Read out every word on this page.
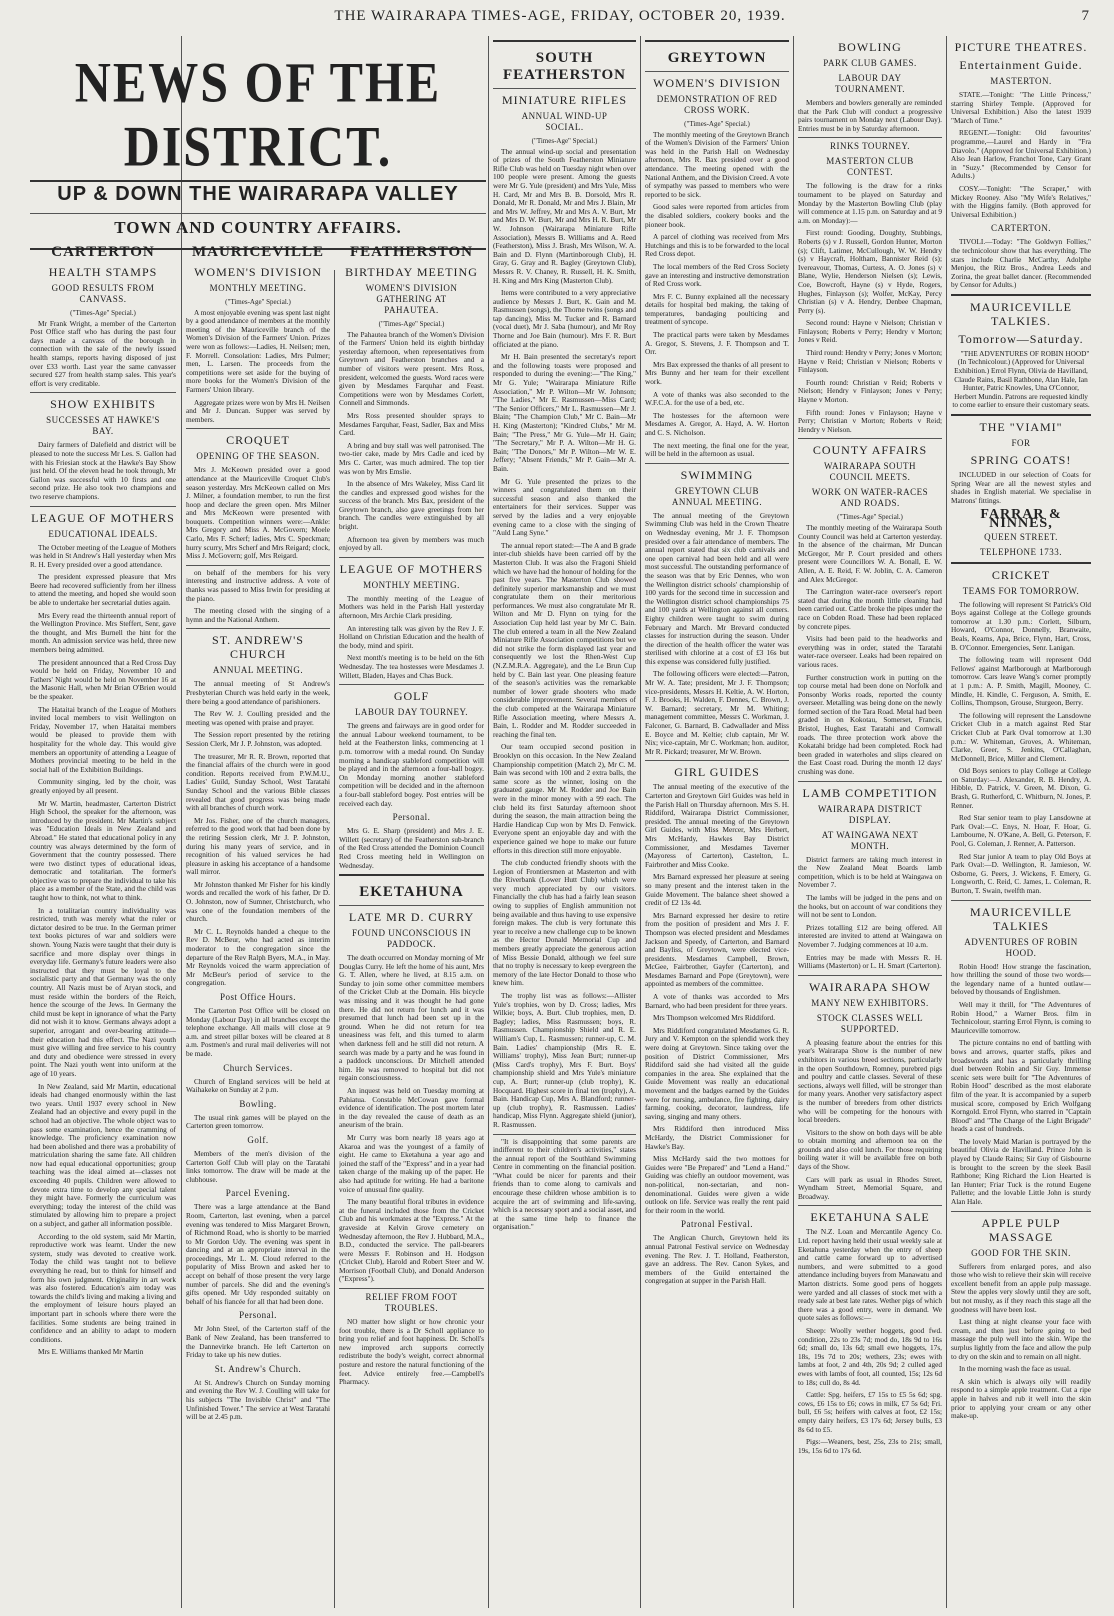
THE WAIRARAPA TIMES-AGE, FRIDAY, OCTOBER 20, 1939.	7
NEWS OF THE DISTRICT.
UP & DOWN THE WAIRARAPA VALLEY
TOWN AND COUNTRY AFFAIRS.
CARTERTON
HEALTH STAMPS
GOOD RESULTS FROM CANVASS.
("Times-Age" Special.)

Mr Frank Wright, a member of the Carterton Post Office staff who has during the past four days made a canvass of the borough in connection with the sale of the newly issued health stamps, reports having disposed of just over £33 worth. Last year the same canvasser secured £27 from health stamp sales. This year's effort is very creditable.

SHOW EXHIBITS
SUCCESSES AT HAWKE'S BAY.

Dairy farmers of Dalefield and district will be pleased to note the success Mr Les. S. Gallon had with his Friesian stock at the Hawke's Bay Show just held. Of the eleven head he took through, Mr Gallon was successful with 10 firsts and one second prize. He also took two champions and two reserve champions.

LEAGUE OF MOTHERS
EDUCATIONAL IDEALS.

The October meeting of the League of Mothers was held in St Andrew's Hall yesterday when Mrs R. H. Every presided over a good attendance.

The president expressed pleasure that Mrs Beere had recovered sufficiently from her illness to attend the meeting, and hoped she would soon be able to undertake her secretarial duties again.

Mrs Every read the thirteenth annual report of the Wellington Province. Mrs Steffert, Senr, gave the thought, and Mrs Burnell the hint for the month. An admission service was held, three new members being admitted.

The president announced that a Red Cross Day would be held on Friday, November 10 and Fathers' Night would be held on November 16 at the Masonic Hall, when Mr Brian O'Brien would be the speaker.

The Hataitai branch of the League of Mothers invited local members to visit Wellington on Friday, November 17, when Hataitai members would be pleased to provide them with hospitality for the whole day. This would give members an opportunity of attending a League of Mothers provincial meeting to be held in the social hall of the Exhibition Buildings.

Community singing, led by the choir, was greatly enjoyed by all present.

Mr W. Martin, headmaster, Carterton District High School, the speaker for the afternoon, was introduced by the president. Mr Martin's subject was "Education Ideals in New Zealand and Abroad." He stated that educational policy in any country was always determined by the form of Government that the country possessed. There were two distinct types of educational ideas, democratic and totalitarian. The former's objective was to prepare the individual to take his place as a member of the State, and the child was taught how to think, not what to think.

In a totalitarian country individuality was restricted, truth was merely what the ruler or dictator desired to be true. In the German primer text books pictures of war and soldiers were shown. Young Nazis were taught that their duty is sacrifice and more display over things in everyday life. Germany's future leaders were also instructed that they must be loyal to the socialistic party and that Germany was the only country. All Nazis must be of Aryan stock, and must reside within the borders of the Reich, hence the scourge of the Jews. In Germany the child must be kept in ignorance of what the Party did not wish it to know. Germans always adopt a superior, arrogant and over-bearing attitude—their education had this effect. The Nazi youth must give willing and free service to his country and duty and obedience were stressed in every point. The Nazi youth went into uniform at the age of 10 years.

In New Zealand, said Mr Martin, educational ideals had changed enormously within the last two years. Until 1937 every school in New Zealand had an objective and every pupil in the school had an objective. The whole object was to pass some examination, hence the cramming of knowledge. The proficiency examination now had been abolished and there was a probability of matriculation sharing the same fate. All children now had equal educational opportunities; group teaching was the ideal aimed at—classes not exceeding 40 pupils. Children were allowed to devote extra time to develop any special talent they might have. Formerly the curriculum was everything; today the interest of the child was stimulated by allowing him to prepare a project on a subject, and gather all information possible.

According to the old system, said Mr Martin, reproductive work was learnt. Under the new system, study was devoted to creative work. Today the child was taught not to believe everything he read, but to think for himself and form his own judgment. Originality in art work was also fostered. Education's aim today was towards the child's living and making a living and the employment of leisure hours played an important part in schools where there were the facilities. Some students are being trained in confidence and an ability to adapt to modern conditions.

Mrs E. Williams thanked Mr Martin

MAURICEVILLE
WOMEN'S DIVISION
MONTHLY MEETING.
("Times-Age" Special.)

A most enjoyable evening was spent last night by a good attendance of members at the monthly meeting of the Mauriceville branch of the Women's Division of the Farmers' Union. Prizes were won as follows:—Ladies, H. Neilsen; men, F. Morrell. Consolation: Ladies, Mrs Pulmer; men, L. Larsen. The proceeds from the competitions were set aside for the buying of more books for the Women's Division of the Farmers' Union library.

Aggregate prizes were won by Mrs H. Neilsen and Mr J. Duncan. Supper was served by members.

CROQUET
OPENING OF THE SEASON.

Mrs J. McKeown presided over a good attendance at the Mauriceville Croquet Club's season yesterday. Mrs McKeown called on Mrs J. Milner, a foundation member, to run the first hoop and declare the green open. Mrs Milner and Mrs McKeown were presented with bouquets. Competition winners were:—Ankle: Mrs Gregory and Miss A. McGovern; Moele Carlo, Mrs F. Scherf; ladies, Mrs C. Speckman; hurry scurry, Mrs Scherf and Mrs Reigard; clock, Miss J. McGovern; golf, Mrs Reigard.

on behalf of the members for his very interesting and instructive address. A vote of thanks was passed to Miss Irwin for presiding at the piano.

The meeting closed with the singing of a hymn and the National Anthem.

ST. ANDREW'S CHURCH
ANNUAL MEETING.

The annual meeting of St Andrew's Presbyterian Church was held early in the week, there being a good attendance of parishioners.

The Rev W. J. Coulling presided and the meeting was opened with praise and prayer.

The Session report presented by the retiring Session Clerk, Mr J. P. Johnston, was adopted.

The treasurer, Mr R. R. Brown, reported that the financial affairs of the church were in good condition. Reports received from P.W.M.U., Ladies' Guild, Sunday School, West Taratahi Sunday School and the various Bible classes revealed that good progress was being made with all branches of church work.

Mr Jos. Fisher, one of the church managers, referred to the good work that had been done by the retiring Session clerk, Mr J. P. Johnston, during his many years of service, and in recognition of his valued services he had pleasure in asking his acceptance of a handsome wall mirror.

Mr Johnston thanked Mr Fisher for his kindly words and recalled the work of his father, Dr D. O. Johnston, now of Sumner, Christchurch, who was one of the foundation members of the church.

Mr C. L. Reynolds handed a cheque to the Rev D. McBeur, who had acted as interim moderator to the congregation since the departure of the Rev Ralph Byers, M.A., in May. Mr Reynolds voiced the warm appreciation of Mr McBeur's period of service to the congregation.

Post Office Hours.

The Carterton Post Office will be closed on Monday (Labour Day) in all branches except the telephone exchange. All mails will close at 9 a.m. and street pillar boxes will be cleared at 8 a.m. Postmen's and rural mail deliveries will not be made.

Church Services.

Church of England services will be held at Waihakeke on Sunday at 2 p.m.

Bowling.

The usual rink games will be played on the Carterton green tomorrow.

Golf.

Members of the men's division of the Carterton Golf Club will play on the Taratahi links tomorrow. The draw will be made at the clubhouse.

Parcel Evening.

There was a large attendance at the Band Room, Carterton, last evening, when a parcel evening was tendered to Miss Margaret Brown, of Richmond Road, who is shortly to be married to Mr Gordon Udy. The evening was spent in dancing and at an appropriate interval in the proceedings, Mr L. M. Cloud referred to the popularity of Miss Brown and asked her to accept on behalf of those present the very large number of parcels. She did and the evening's gifts opened. Mr Udy responded suitably on behalf of his fiancée for all that had been done.

Personal.

Mr John Steel, of the Carterton staff of the Bank of New Zealand, has been transferred to the Dannevirke branch. He left Carterton on Friday to take up his new duties.

St. Andrew's Church.

At St. Andrew's Church on Sunday morning and evening the Rev W. J. Coulling will take for his subjects "The Invisible Christ" and "The Unfinished Tower." The service at West Taratahi will be at 2.45 p.m.

FEATHERSTON
BIRTHDAY MEETING
WOMEN'S DIVISION GATHERING AT PAHAUTEA.
("Times-Age" Special.)

The Pahautea branch of the Women's Division of the Farmers' Union held its eighth birthday yesterday afternoon, when representatives from Greytown and Featherston branches and a number of visitors were present. Mrs Ross, president, welcomed the guests. Word races were given by Mesdames Farquhar and Feast. Competitions were won by Mesdames Corlett, Connell and Simmonds.

Mrs Ross presented shoulder sprays to Mesdames Farquhar, Feast, Sadler, Bax and Miss Card.

A bring and buy stall was well patronised. The two-tier cake, made by Mrs Cadle and iced by Mrs C. Carter, was much admired. The top tier was won by Mrs Emslie.

In the absence of Mrs Wakeley, Miss Card lit the candles and expressed good wishes for the success of the branch. Mrs Bax, president of the Greytown branch, also gave greetings from her branch. The candles were extinguished by all bright.

Afternoon tea given by members was much enjoyed by all.

LEAGUE OF MOTHERS
MONTHLY MEETING.

The monthly meeting of the League of Mothers was held in the Parish Hall yesterday afternoon, Mrs Archie Clark presiding.

An interesting talk was given by the Rev J. F. Holland on Christian Education and the health of the body, mind and spirit.

Next month's meeting is to be held on the 6th Wednesday. The tea hostesses were Mesdames J. Willett, Bladen, Hayes and Chas Buck.

GOLF
LABOUR DAY TOURNEY.

The greens and fairways are in good order for the annual Labour weekend tournament, to be held at the Featherston links, commencing at 1 p.m. tomorrow with a medal round. On Sunday morning a handicap stableford competition will be played and in the afternoon a four-ball bogey. On Monday morning another stableford competition will be decided and in the afternoon a four-ball stableford bogey. Post entries will be received each day.

Personal.

Mrs G. E. Sharp (president) and Mrs J. E. Willett (secretary) of the Featherston sub-branch of the Red Cross attended the Dominion Council Red Cross meeting held in Wellington on Wednesday.

EKETAHUNA
LATE MR D. CURRY
FOUND UNCONSCIOUS IN PADDOCK.

The death occurred on Monday morning of Mr Douglas Curry. He left the home of his aunt, Mrs G. T. Allen, where he lived, at 8.15 a.m. on Sunday to join some other committee members of the Cricket Club at the Domain. His bicycle was missing and it was thought he had gone there. He did not return for lunch and it was presumed that lunch had been set up in the ground. When he did not return for tea uneasiness was felt, and this turned to alarm when darkness fell and he still did not return. A search was made by a party and he was found in a paddock unconscious. Dr Mitchell attended him. He was removed to hospital but did not regain consciousness.

An inquest was held on Tuesday morning at Pahiatua. Constable McCowan gave formal evidence of identification. The post mortem later in the day revealed the cause of death as an aneurism of the brain.

Mr Curry was born nearly 18 years ago at Akaroa and was the youngest of a family of eight. He came to Eketahuna a year ago and joined the staff of the "Express" and in a year had taken charge of the making up of the paper. He also had aptitude for writing. He had a baritone voice of unusual fine quality.

The many beautiful floral tributes in evidence at the funeral included those from the Cricket Club and his workmates at the "Express." At the graveside at Kelvin Grove cemetery on Wednesday afternoon, the Rev J. Hubbard, M.A., B.D., conducted the service. The pall-bearers were Messrs F. Robinson and H. Hodgson (Cricket Club), Harold and Robert Steer and W. Morrison (Football Club), and Donald Anderson ("Express").

RELIEF FROM FOOT TROUBLES.

NO matter how slight or how chronic your foot trouble, there is a Dr Scholl appliance to bring you relief and foot happiness. Dr. Scholl's new improved arch supports correctly redistribute the body's weight, correct abnormal posture and restore the natural functioning of the feet. Advice entirely free.—Campbell's Pharmacy.

SOUTH FEATHERSTON
MINIATURE RIFLES
ANNUAL WIND-UP SOCIAL.
("Times-Age" Special.)

The annual wind-up social and presentation of prizes of the South Featherston Miniature Rifle Club was held on Tuesday night when over 100 people were present. Among the guests were Mr G. Yule (president) and Mrs Yule, Miss H. Card, Mr and Mrs B. B. Dorsold, Mrs R. Donald, Mr R. Donald, Mr and Mrs J. Blain, Mr and Mrs W. Jeffrey, Mr and Mrs A. V. Burt, Mr and Mrs D. W. Burt, Mr and Mrs H. R. Burt, Mr W. Johnson (Wairarapa Miniature Rifle Association), Messrs B. Williams and A. Reed (Featherston), Miss J. Brash, Mrs Wilson, W. A. Bain and D. Flynn (Martinborough Club), H. Gray, G. Gray and R. Bagley (Greytown Club), Messrs R. V. Chaney, R. Russell, H. K. Smith, H. King and Mrs King (Masterton Club).

Items were contributed to a very appreciative audience by Messrs J. Burt, K. Gain and M. Rasmussen (songs), the Thorne twins (songs and tap dancing), Miss M. Tucker and R. Barnard (vocal duet), Mr J. Saba (humour), and Mr Roy Thorne and Joe Bain (humour). Mrs F. R. Burt officiated at the piano.

Mr H. Bain presented the secretary's report and the following toasts were proposed and responded to during the evening:—"The King," Mr G. Yule; "Wairarapa Miniature Rifle Association," Mr P. Wilton—Mr W. Johnson; "The Ladies," Mr E. Rasmussen—Miss Card; "The Senior Officers," Mr L. Rasmussen—Mr J. Blain; "The Champion Club," Mr C. Bain—Mr H. King (Masterton); "Kindred Clubs," Mr M. Bain; "The Press," Mr G. Yule—Mr H. Gain; "The Secretary," Mr P. A. Wilton—Mr H. G. Bain; "The Donors," Mr P. Wilton—Mr W. E. Jeffery; "Absent Friends," Mr P. Gain—Mr A. Bain.

Mr G. Yule presented the prizes to the winners and congratulated them on their successful season and also thanked the entertainers for their services. Supper was served by the ladies and a very enjoyable evening came to a close with the singing of "Auld Lang Syne."

The annual report stated:—The A and B grade inter-club shields have been carried off by the Masterton Club. It was also the Fragoni Shield which we have had the honour of holding for the past five years. The Masterton Club showed definitely superior marksmanship and we must congratulate them on their meritorious performances. We must also congratulate Mr R. Wilton and Mr D. Flynn on tying for the Association Cup held last year by Mr C. Bain. The club entered a team in all the New Zealand Miniature Rifle Association competitions but we did not strike the form displayed last year and consequently we lost the Rhen-West Cup (N.Z.M.R.A. Aggregate), and the Le Brun Cup held by C. Bain last year. One pleasing feature of the season's activities was the remarkable number of lower grade shooters who made considerable improvement. Several members of the club competed at the Wairarapa Miniature Rifle Association meeting, where Messrs A. Bain, L. Rodder and M. Rodder succeeded in reaching the final ten.

Our team occupied second position in Brooklyn on this occasion. In the New Zealand Championship competition (Match 2), Mr C. M. Bain was second with 100 and 2 extra balls, the same score as the winner, losing on the graduated gauge. Mr M. Rodder and Joe Bain were in the minor money with a 99 each. The club held its first Saturday afternoon shoot during the season, the main attraction being the Hardie Handicap Cup won by Mrs D. Fenwick. Everyone spent an enjoyable day and with the experience gained we hope to make our future efforts in this direction still more enjoyable.

The club conducted friendly shoots with the Legion of Frontiersmen at Masterton and with the Riverbank (Lower Hutt Club) which were very much appreciated by our visitors. Financially the club has had a fairly lean season owing to supplies of English ammunition not being available and thus having to use expensive foreign makes. The club is very fortunate this year to receive a new challenge cup to be known as the Hector Donald Memorial Cup and members greatly appreciate the generous action of Miss Bessie Donald, although we feel sure that no trophy is necessary to keep evergreen the memory of the late Hector Donald to those who knew him.

The trophy list was as follows:—Allister Yule's trophies, won by D. Cross; ladies, Mrs Wilkie; boys, A. Burt. Club trophies, men, D. Bagley; ladies, Miss Rasmussen; boys, R. Rasmussen. Championship Shield and R. E. William's Cup, L. Rasmussen; runner-up, C. M. Bain. Ladies' championship (Mrs R. E. Williams' trophy), Miss Jean Burt; runner-up (Miss Card's trophy), Mrs F. Burt. Boys' championship shield and Mrs Yule's miniature cup, A. Burt; runner-up (club trophy), K. Hocquard. Highest score in final ten (trophy), A. Bain. Handicap Cup, Mrs A. Blandford; runner-up (club trophy), R. Rasmussen. Ladies' handicap, Miss Flynn. Aggregate shield (junior), R. Rasmussen.

"It is disappointing that some parents are indifferent to their children's activities," states the annual report of the Southland Swimming Centre in commenting on the financial position. "What could be nicer for parents and their friends than to come along to carnivals and encourage these children whose ambition is to acquire the art of swimming and life-saving, which is a necessary sport and a social asset, and at the same time help to finance the organisation."

GREYTOWN
WOMEN'S DIVISION
DEMONSTRATION OF RED CROSS WORK.
("Times-Age" Special.)

The monthly meeting of the Greytown Branch of the Women's Division of the Farmers' Union was held in the Parish Hall on Wednesday afternoon, Mrs R. Bax presided over a good attendance. The meeting opened with the National Anthem, and the Division Creed. A vote of sympathy was passed to members who were reported to be sick.

Good sales were reported from articles from the disabled soldiers, cookery books and the pioneer book.

A parcel of clothing was received from Mrs Hutchings and this is to be forwarded to the local Red Cross depot.

The local members of the Red Cross Society gave an interesting and instructive demonstration of Red Cross work.

Mrs F. C. Bunny explained all the necessary details for hospital bed making, the taking of temperatures, bandaging poulticing and treatment of syncope.

The practical parts were taken by Mesdames A. Gregor, S. Stevens, J. F. Thompson and T. Orr.

Mrs Bax expressed the thanks of all present to Mrs Bunny and her team for their excellent work.

A vote of thanks was also seconded to the W.F.C.A. for the use of a bed, etc.

The hostesses for the afternoon were Mesdames A. Gregor, A. Hayd, A. W. Horton and C. S. Nicholson.

The next meeting, the final one for the year, will be held in the afternoon as usual.

SWIMMING
GREYTOWN CLUB ANNUAL MEETING.

The annual meeting of the Greytown Swimming Club was held in the Crown Theatre on Wednesday evening, Mr J. F. Thompson presided over a fair attendance of members. The annual report stated that six club carnivals and one open carnival had been held and all were most successful. The outstanding performance of the season was that by Eric Dennes, who won the Wellington district schools' championship of 100 yards for the second time in succession and the Wellington district school championships 75 and 100 yards at Wellington against all comers. Eighty children were taught to swim during February and March. Mr Brevard conducted classes for instruction during the season. Under the direction of the health officer the water was sterilised with chlorine at a cost of £3 16s but this expense was considered fully justified.

The following officers were elected:—Patron, Mr W. A. Tate; president, Mr J. F. Thompson; vice-presidents, Messrs H. Keltie, A. W. Horton, F. J. Brooks, H. Walden, F. Dennes, C. Brown, J. W. Barnard; secretary, Mr M. Whiting; management committee, Messrs C. Workman, J. Falconer, G. Barnard, B. Cadwallader and Miss E. Boyce and M. Keltie; club captain, Mr W. Nix; vice-captain, Mr C. Workman; hon. auditor, Mr R. Pickard; treasurer, Mr W. Brown.

GIRL GUIDES

The annual meeting of the executive of the Carterton and Greytown Girl Guides was held in the Parish Hall on Thursday afternoon. Mrs S. H. Riddiford, Wairarapa District Commissioner, presided. The annual meeting of the Greytown Girl Guides, with Miss Mercer, Mrs Herbert, Mrs McHardy, Hawkes Bay District Commissioner, and Mesdames Taverner (Mayoress of Carterton), Castelton, L. Fairbrother and Miss Cooke.

Mrs Barnard expressed her pleasure at seeing so many present and the interest taken in the Guide Movement. The balance sheet showed a credit of £2 13s 4d.

Mrs Barnard expressed her desire to retire from the position of president and Mrs J. F. Thompson was elected president and Mesdames Jackson and Speedy, of Carterton, and Barnard and Bayliss, of Greytown, were elected vice-presidents. Mesdames Campbell, Brown, McGee, Fairbrother, Gayfer (Carterton), and Mesdames Barnard and Pope (Greytown), were appointed as members of the committee.

A vote of thanks was accorded to Mrs Barnard, who had been president for three years.

Mrs Thompson welcomed Mrs Riddiford.

Mrs Riddiford congratulated Mesdames G. R. Jury and V. Kempton on the splendid work they were doing at Greytown. Since taking over the position of District Commissioner, Mrs Riddiford said she had visited all the guide companies in the area. She explained that the Guide Movement was really an educational movement and the badges earned by the Guides were for nursing, ambulance, fire fighting, dairy farming, cooking, decorator, laundress, life saving, singing and many others.

Mrs Riddiford then introduced Miss McHardy, the District Commissioner for Hawke's Bay.

Miss McHardy said the two mottoes for Guides were "Be Prepared" and "Lend a Hand." Guiding was chiefly an outdoor movement, was non-political, non-sectarian, and non-denominational. Guides were given a wide outlook on life. Service was really the rent paid for their room in the world.

Patronal Festival.

The Anglican Church, Greytown held its annual Patronal Festival service on Wednesday evening. The Rev. J. T. Holland, Featherston, gave an address. The Rev. Canon Sykes, and members of the Guild entertained the congregation at supper in the Parish Hall.

BOWLING
PARK CLUB GAMES.
LABOUR DAY TOURNAMENT.

Members and bowlers generally are reminded that the Park Club will conduct a progressive pairs tournament on Monday next (Labour Day). Entries must be in by Saturday afternoon.

RINKS TOURNEY.
MASTERTON CLUB CONTEST.

The following is the draw for a rinks tournament to be played on Saturday and Monday by the Masterton Bowling Club (play will commence at 1.15 p.m. on Saturday and at 9 a.m. on Monday):—

First round: Gooding, Doughty, Stubbings, Roberts (s) v J. Russell, Gordon Hunter, Morton (s); Clift, Latimer, McCullough, W. W. Hendry (s) v Haycraft, Holtham, Bannister Reid (s); Ivereavour, Thomas, Curtess, A. O. Jones (s) v Blane, Wylie, Henderson Nielsen (s); Lewis, Coe, Bowcroft, Hayne (s) v Hyde, Rogers, Hughes, Finlayson (s); Wolfer, McKay, Percy Christian (s) v A. Hendry, Denbee Chapman, Perry (s).

Second round: Hayne v Nielson; Christian v Finlayson; Roberts v Perry; Hendry v Morton; Jones v Reid.

Third round: Hendry v Perry; Jones v Morton; Hayne v Reid; Christian v Nielson; Roberts v Finlayson.

Fourth round: Christian v Reid; Roberts v Nielson; Hendry v Finlayson; Jones v Perry; Hayne v Morton.

Fifth round: Jones v Finlayson; Hayne v Perry; Christian v Morton; Roberts v Reid; Hendry v Nielson.

COUNTY AFFAIRS
WAIRARAPA SOUTH COUNCIL MEETS.
WORK ON WATER-RACES AND ROADS.
("Times-Age" Special.)

The monthly meeting of the Wairarapa South County Council was held at Carterton yesterday. In the absence of the chairman, Mr Duncan McGregor, Mr P. Court presided and others present were Councillors W. A. Bonall, E. W. Allen, A. E. Reid, F. W. Joblin, C. A. Cameron and Alex McGregor.

The Carrington water-race overseer's report stated that during the month little cleaning had been carried out. Cattle broke the pipes under the race on Cobden Road. These had been replaced by concrete pipes.

Visits had been paid to the headworks and everything was in order, stated the Taratahi water-race overseer. Leaks had been repaired on various races.

Further construction work in putting on the top course metal had been done on Norfolk and Ponsonby Works roads, reported the county overseer. Metalling was being done on the newly formed section of the Tara Road. Metal had been graded in on Kokotau, Somerset, Francis, Bristol, Hughes, East Taratahi and Cornwall roads. The three protection work above the Kokatahi bridge had been completed. Rock had been graded in waterholes and slips cleared on the East Coast road. During the month 12 days' crushing was done.

LAMB COMPETITION
WAIRARAPA DISTRICT DISPLAY.
AT WAINGAWA NEXT MONTH.

District farmers are taking much interest in the New Zealand Meat Boards lamb competition, which is to be held at Waingawa on November 7.

The lambs will be judged in the pens and on the hooks, but on account of war conditions they will not be sent to London.

Prizes totalling £12 are being offered. All interested are invited to attend at Waingawa on November 7. Judging commences at 10 a.m.

Entries may be made with Messrs R. H. Williams (Masterton) or L. H. Smart (Carterton).

WAIRARAPA SHOW
MANY NEW EXHIBITORS.
STOCK CLASSES WELL SUPPORTED.

A pleasing feature about the entries for this year's Wairarapa Show is the number of new exhibitors in various breed sections, particularly in the open Southdown, Romney, purebred pigs and poultry and cattle classes. Several of these sections, always well filled, will be stronger than for many years. Another very satisfactory aspect is the number of breeders from other districts who will be competing for the honours with local breeders.

Visitors to the show on both days will be able to obtain morning and afternoon tea on the grounds and also cold lunch. For those requiring boiling water it will be available free on both days of the Show.

Cars will park as usual in Rhodes Street, Wyndham Street, Memorial Square, and Broadway.

EKETAHUNA SALE

The N.Z. Loan and Mercantile Agency Co. Ltd. report having held their usual weekly sale at Eketahuna yesterday when the entry of sheep and cattle came forward up to advertised numbers, and were submitted to a good attendance including buyers from Manawatu and Marton districts. Some good pens of hoggets were yarded and all classes of stock met with a ready sale at best late rates. Wether pigs of which there was a good entry, were in demand. We quote sales as follows:—

Sheep: Woolly wether hoggets, good fwd. condition, 22s to 23s 7d; mod do, 18s 9d to 16s 6d; small do, 13s 6d; small ewe hoggets, 17s, 18s, 19s 7d to 20s; wethers, 23s; ewes with lambs at foot, 2 and 4th, 20s 9d; 2 culled aged ewes with lambs of foot, all counted, 15s; 12s 6d to 18s; cull do, 8s 4d.

Cattle: Spg. heifers, £7 15s to £5 5s 6d; spg. cows, £6 15s to £6; cows in milk, £7 5s 6d; Fri. bull, £6 5s; heifers with calves at foot, £2 15s; empty dairy heifers, £3 17s 6d; Jersey bulls, £3 8s 6d to £5.

Pigs:—Weaners, best, 25s, 23s to 21s; small, 19s, 15s 6d to 17s 6d.

PICTURE THEATRES.
Entertainment Guide.
MASTERTON.

STATE.—Tonight: "The Little Princess," starring Shirley Temple. (Approved for Universal Exhibition.) Also the latest 1939 "March of Time."

REGENT.—Tonight: Old favourites' programme,—Laurel and Hardy in "Fra Diavolo." (Approved for Universal Exhibition.) Also Jean Harlow, Franchot Tone, Cary Grant in "Suzy." (Recommended by Censor for Adults.)

COSY.—Tonight: "The Scraper," with Mickey Rooney. Also "My Wife's Relatives," with the Higgins family. (Both approved for Universal Exhibition.)

CARTERTON.

TIVOLI.—Today: "The Goldwyn Follies," the technicolour show that has everything. The stars include Charlie McCarthy, Adolphe Menjou, the Ritz Bros., Andrea Leeds and Zorina, the great ballet dancer. (Recommended by Censor for Adults.)

MAURICEVILLE TALKIES.
Tomorrow—Saturday.

"THE ADVENTURES OF ROBIN HOOD" (In Technicolour.) (Approved for Universal Exhibition.) Errol Flynn, Olivia de Havilland, Claude Rains, Basil Rathbone, Alan Hale, Ian Hunter, Patric Knowles, Una O'Connor, Herbert Mundin. Patrons are requested kindly to come earlier to ensure their customary seats.

THE "VIAMI"
FOR
SPRING COATS!

INCLUDED in our selection of Coats for Spring Wear are all the newest styles and shades in English material. We specialise in Matrons' fittings.

FARRAR & NINNES,
QUEEN STREET.
TELEPHONE 1733.
CRICKET
TEAMS FOR TOMORROW.

The following will represent St Patrick's Old Boys against College at the College grounds tomorrow at 1.30 p.m.: Corlett, Silburn, Howard, O'Connor, Donnelly, Branwaite, Beals, Kearns, Apa, Brice, Flynn, Hart, Cross, B. O'Connor. Emergencies, Senr. Lanigan.

The following team will represent Odd Fellows' against Marlborough at Marlborough tomorrow. Cars leave Wang's corner promptly at 1 p.m.: A. P. Smith, Magill, Mooney, C. Mindle, H. Kindle, C. Ferguson, A. Smith, E. Collins, Thompson, Grouse, Sturgeon, Berry.

The following will represent the Lansdowne Cricket Club in a match against Red Star Cricket Club at Park Oval tomorrow at 1.30 p.m.: W. Whiteman, Groves, A. Whiteman, Clarke, Greer, S. Jenkins, O'Callaghan, McDonnell, Brice, Miller and Clement.

Old Boys seniors to play College at College on Saturday:—J. Alexander, R. B. Hendry, A. Hibble, D. Patrick, V. Green, M. Dixon, G. Brash, G. Rutherford, C. Whitburn, N. Jones, P. Renner.

Red Star senior team to play Lansdowne at Park Oval:—C. Enys, N. Hoar, F. Hoar, G. Lambourne, N. O'Kane, A. Bell, G. Peterson, F. Pool, G. Coleman, J. Renner, A. Patterson.

Red Star junior A team to play Old Boys at Park Oval:—D. Wellington, R. Jamieson, W. Osborne, G. Peers, J. Wickens, F. Emery, G. Longworth, C. Reid, C. James, L. Coleman, R. Burton, T. Swain, twelfth man.

MAURICEVILLE TALKIES
ADVENTURES OF ROBIN HOOD.

Robin Hood! How strange the fascination, how thrilling the sound of those two words—the legendary name of a hunted outlaw—beloved by thousands of Englishmen.

Well may it thrill, for "The Adventures of Robin Hood," a Warner Bros. film in Technicolour, starring Errol Flynn, is coming to Mauriceville tomorrow.

The picture contains no end of battling with bows and arrows, quarter staffs, pikes and broadswords and has a particularly thrilling duel between Robin and Sir Guy. Immense scenic sets were built for "The Adventures of Robin Hood" described as the most elaborate film of the year. It is accompanied by a superb musical score, composed by Erich Wolfgang Korngold. Errol Flynn, who starred in "Captain Blood" and "The Charge of the Light Brigade" heads a cast of hundreds.

The lovely Maid Marian is portrayed by the beautiful Olivia de Havilland. Prince John is played by Claude Rains; Sir Guy of Gisbourne is brought to the screen by the sleek Basil Rathbone; King Richard the Lion Hearted is Ian Hunter; Friar Tuck is the rotund Eugene Pallette; and the lovable Little John is sturdy Alan Hale.

APPLE PULP MASSAGE
GOOD FOR THE SKIN.

Sufferers from enlarged pores, and also those who wish to relieve their skin will receive excellent benefit from an apple pulp massage. Stew the apples very slowly until they are soft, but not mushy, as if they reach this stage all the goodness will have been lost.

Last thing at night cleanse your face with cream, and then just before going to bed massage the pulp well into the skin. Wipe the surplus lightly from the face and allow the pulp to dry on the skin and to remain on all night.

In the morning wash the face as usual.

A skin which is always oily will readily respond to a simple apple treatment. Cut a ripe apple in halves and rub it well into the skin prior to applying your cream or any other make-up.
